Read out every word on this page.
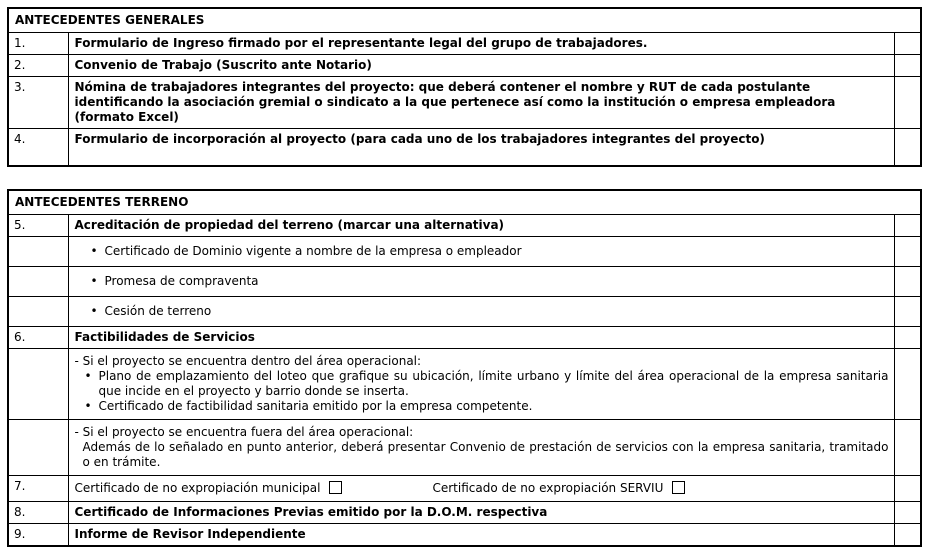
ANTECEDENTES GENERALES		
1.	Formulario de Ingreso firmado por el representante legal del grupo de trabajadores.	
2.	Convenio de Trabajo (Suscrito ante Notario)	
3.	Nómina de trabajadores integrantes del proyecto: que deberá contener el nombre y RUT de cada postulante identificando la asociación gremial o sindicato a la que pertenece así como la institución o empresa empleadora (formato Excel)	
4.	Formulario de incorporación al proyecto (para cada uno de los trabajadores integrantes del proyecto)	
ANTECEDENTES TERRENO		
5.	Acreditación de propiedad del terreno (marcar una alternativa)	

	Certificado de Dominio vigente a nombre de la empresa o empleador	

	Promesa de compraventa	

	Cesión de terreno	

6.	Factibilidades de Servicios	

	- Si el proyecto se encuentra dentro del área operacional:
• Plano de emplazamiento del loteo que grafique su ubicación, límite urbano y límite del área operacional de la empresa sanitaria que incide en el proyecto y barrio donde se inserta.
• Certificado de factibilidad sanitaria emitido por la empresa competente.

	- Si el proyecto se encuentra fuera del área operacional:
Además de lo señalado en punto anterior, deberá presentar Convenio de prestación de servicios con la empresa sanitaria, tramitado o en trámite.	

7.	Certificado de no expropiación municipal Certificado de no expropiación SERVIU	

8.	Certificado de Informaciones Previas emitido por la D.O.M. respectiva	
9.	Informe de Revisor Independiente	
